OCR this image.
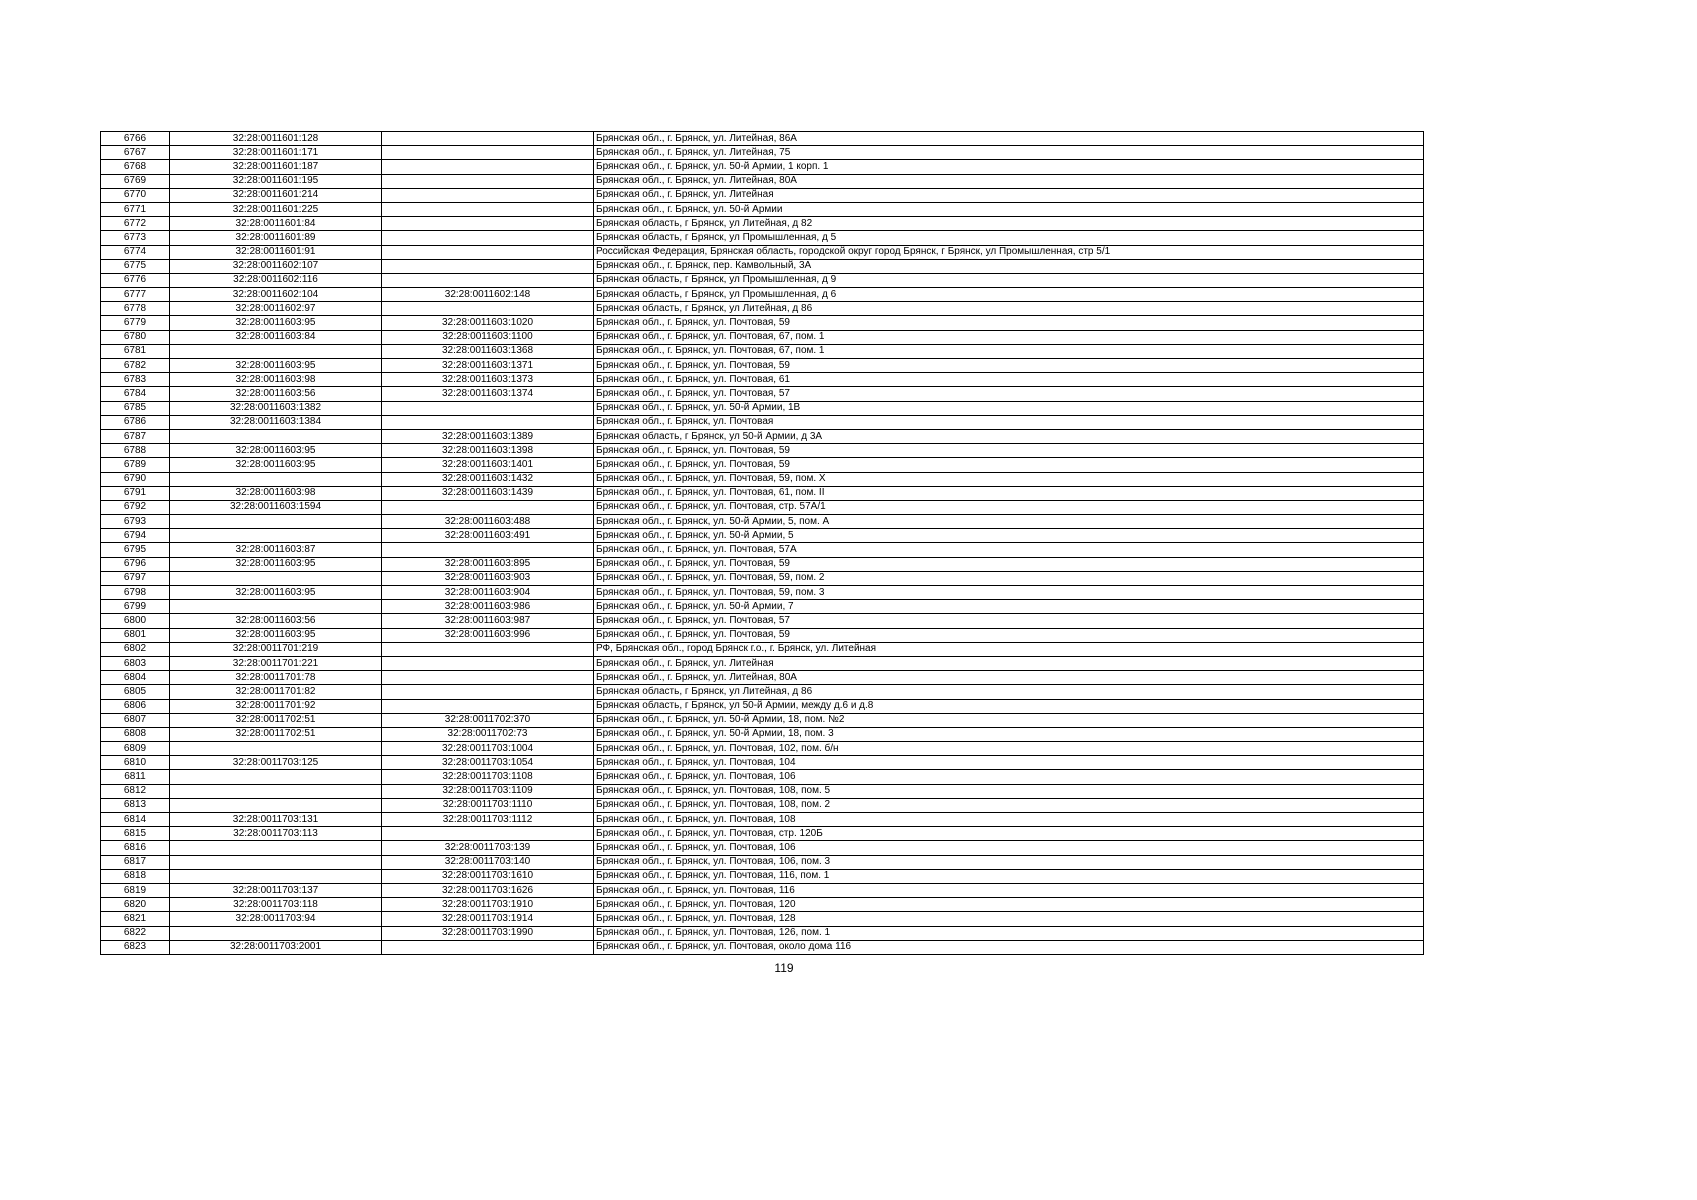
6766	32:28:0011601:128		Брянская обл., г. Брянск, ул. Литейная, 86А
6767	32:28:0011601:171		Брянская обл., г. Брянск, ул. Литейная, 75
6768	32:28:0011601:187		Брянская обл., г. Брянск, ул. 50-й Армии, 1 корп. 1
6769	32:28:0011601:195		Брянская обл., г. Брянск, ул. Литейная, 80А
6770	32:28:0011601:214		Брянская обл., г. Брянск, ул. Литейная
6771	32:28:0011601:225		Брянская обл., г. Брянск, ул. 50-й Армии
6772	32:28:0011601:84		Брянская область, г Брянск, ул Литейная, д 82
6773	32:28:0011601:89		Брянская область, г Брянск, ул Промышленная, д 5
6774	32:28:0011601:91		Российская Федерация, Брянская область, городской округ город Брянск, г Брянск, ул Промышленная, стр 5/1
6775	32:28:0011602:107		Брянская обл., г. Брянск, пер. Камвольный, 3А
6776	32:28:0011602:116		Брянская область, г Брянск, ул Промышленная, д 9
6777	32:28:0011602:104	32:28:0011602:148	Брянская область, г Брянск, ул Промышленная, д 6
6778	32:28:0011602:97		Брянская область, г Брянск, ул Литейная, д 86
6779	32:28:0011603:95	32:28:0011603:1020	Брянская обл., г. Брянск, ул. Почтовая, 59
6780	32:28:0011603:84	32:28:0011603:1100	Брянская обл., г. Брянск, ул. Почтовая, 67, пом. 1
6781		32:28:0011603:1368	Брянская обл., г. Брянск, ул. Почтовая, 67, пом. 1
6782	32:28:0011603:95	32:28:0011603:1371	Брянская обл., г. Брянск, ул. Почтовая, 59
6783	32:28:0011603:98	32:28:0011603:1373	Брянская обл., г. Брянск, ул. Почтовая, 61
6784	32:28:0011603:56	32:28:0011603:1374	Брянская обл., г. Брянск, ул. Почтовая, 57
6785	32:28:0011603:1382		Брянская обл., г. Брянск, ул. 50-й Армии, 1В
6786	32:28:0011603:1384		Брянская обл., г. Брянск, ул. Почтовая
6787		32:28:0011603:1389	Брянская область, г Брянск, ул 50-й Армии, д 3А
6788	32:28:0011603:95	32:28:0011603:1398	Брянская обл., г. Брянск, ул. Почтовая, 59
6789	32:28:0011603:95	32:28:0011603:1401	Брянская обл., г. Брянск, ул. Почтовая, 59
6790		32:28:0011603:1432	Брянская обл., г. Брянск, ул. Почтовая, 59, пом. Х
6791	32:28:0011603:98	32:28:0011603:1439	Брянская обл., г. Брянск, ул. Почтовая, 61, пом. II
6792	32:28:0011603:1594		Брянская обл., г. Брянск, ул. Почтовая, стр. 57А/1
6793		32:28:0011603:488	Брянская обл., г. Брянск, ул. 50-й Армии, 5, пом. А
6794		32:28:0011603:491	Брянская обл., г. Брянск, ул. 50-й Армии, 5
6795	32:28:0011603:87		Брянская обл., г. Брянск, ул. Почтовая, 57А
6796	32:28:0011603:95	32:28:0011603:895	Брянская обл., г. Брянск, ул. Почтовая, 59
6797		32:28:0011603:903	Брянская обл., г. Брянск, ул. Почтовая, 59, пом. 2
6798	32:28:0011603:95	32:28:0011603:904	Брянская обл., г. Брянск, ул. Почтовая, 59, пом. 3
6799		32:28:0011603:986	Брянская обл., г. Брянск, ул. 50-й Армии, 7
6800	32:28:0011603:56	32:28:0011603:987	Брянская обл., г. Брянск, ул. Почтовая, 57
6801	32:28:0011603:95	32:28:0011603:996	Брянская обл., г. Брянск, ул. Почтовая, 59
6802	32:28:0011701:219		РФ, Брянская обл., город Брянск г.о., г. Брянск, ул. Литейная
6803	32:28:0011701:221		Брянская обл., г. Брянск, ул. Литейная
6804	32:28:0011701:78		Брянская обл., г. Брянск, ул. Литейная, 80А
6805	32:28:0011701:82		Брянская область, г Брянск, ул Литейная, д 86
6806	32:28:0011701:92		Брянская область, г Брянск, ул 50-й Армии, между д.6 и д.8
6807	32:28:0011702:51	32:28:0011702:370	Брянская обл., г. Брянск, ул. 50-й Армии, 18, пом. №2
6808	32:28:0011702:51	32:28:0011702:73	Брянская обл., г. Брянск, ул. 50-й Армии, 18, пом. 3
6809		32:28:0011703:1004	Брянская обл., г. Брянск, ул. Почтовая, 102, пом. б/н
6810	32:28:0011703:125	32:28:0011703:1054	Брянская обл., г. Брянск, ул. Почтовая, 104
6811		32:28:0011703:1108	Брянская обл., г. Брянск, ул. Почтовая, 106
6812		32:28:0011703:1109	Брянская обл., г. Брянск, ул. Почтовая, 108, пом. 5
6813		32:28:0011703:1110	Брянская обл., г. Брянск, ул. Почтовая, 108, пом. 2
6814	32:28:0011703:131	32:28:0011703:1112	Брянская обл., г. Брянск, ул. Почтовая, 108
6815	32:28:0011703:113		Брянская обл., г. Брянск, ул. Почтовая, стр. 120Б
6816		32:28:0011703:139	Брянская обл., г. Брянск, ул. Почтовая, 106
6817		32:28:0011703:140	Брянская обл., г. Брянск, ул. Почтовая, 106, пом. 3
6818		32:28:0011703:1610	Брянская обл., г. Брянск, ул. Почтовая, 116, пом. 1
6819	32:28:0011703:137	32:28:0011703:1626	Брянская обл., г. Брянск, ул. Почтовая, 116
6820	32:28:0011703:118	32:28:0011703:1910	Брянская обл., г. Брянск, ул. Почтовая, 120
6821	32:28:0011703:94	32:28:0011703:1914	Брянская обл., г. Брянск, ул. Почтовая, 128
6822		32:28:0011703:1990	Брянская обл., г. Брянск, ул. Почтовая, 126, пом. 1
6823	32:28:0011703:2001		Брянская обл., г. Брянск, ул. Почтовая, около дома 116
119
